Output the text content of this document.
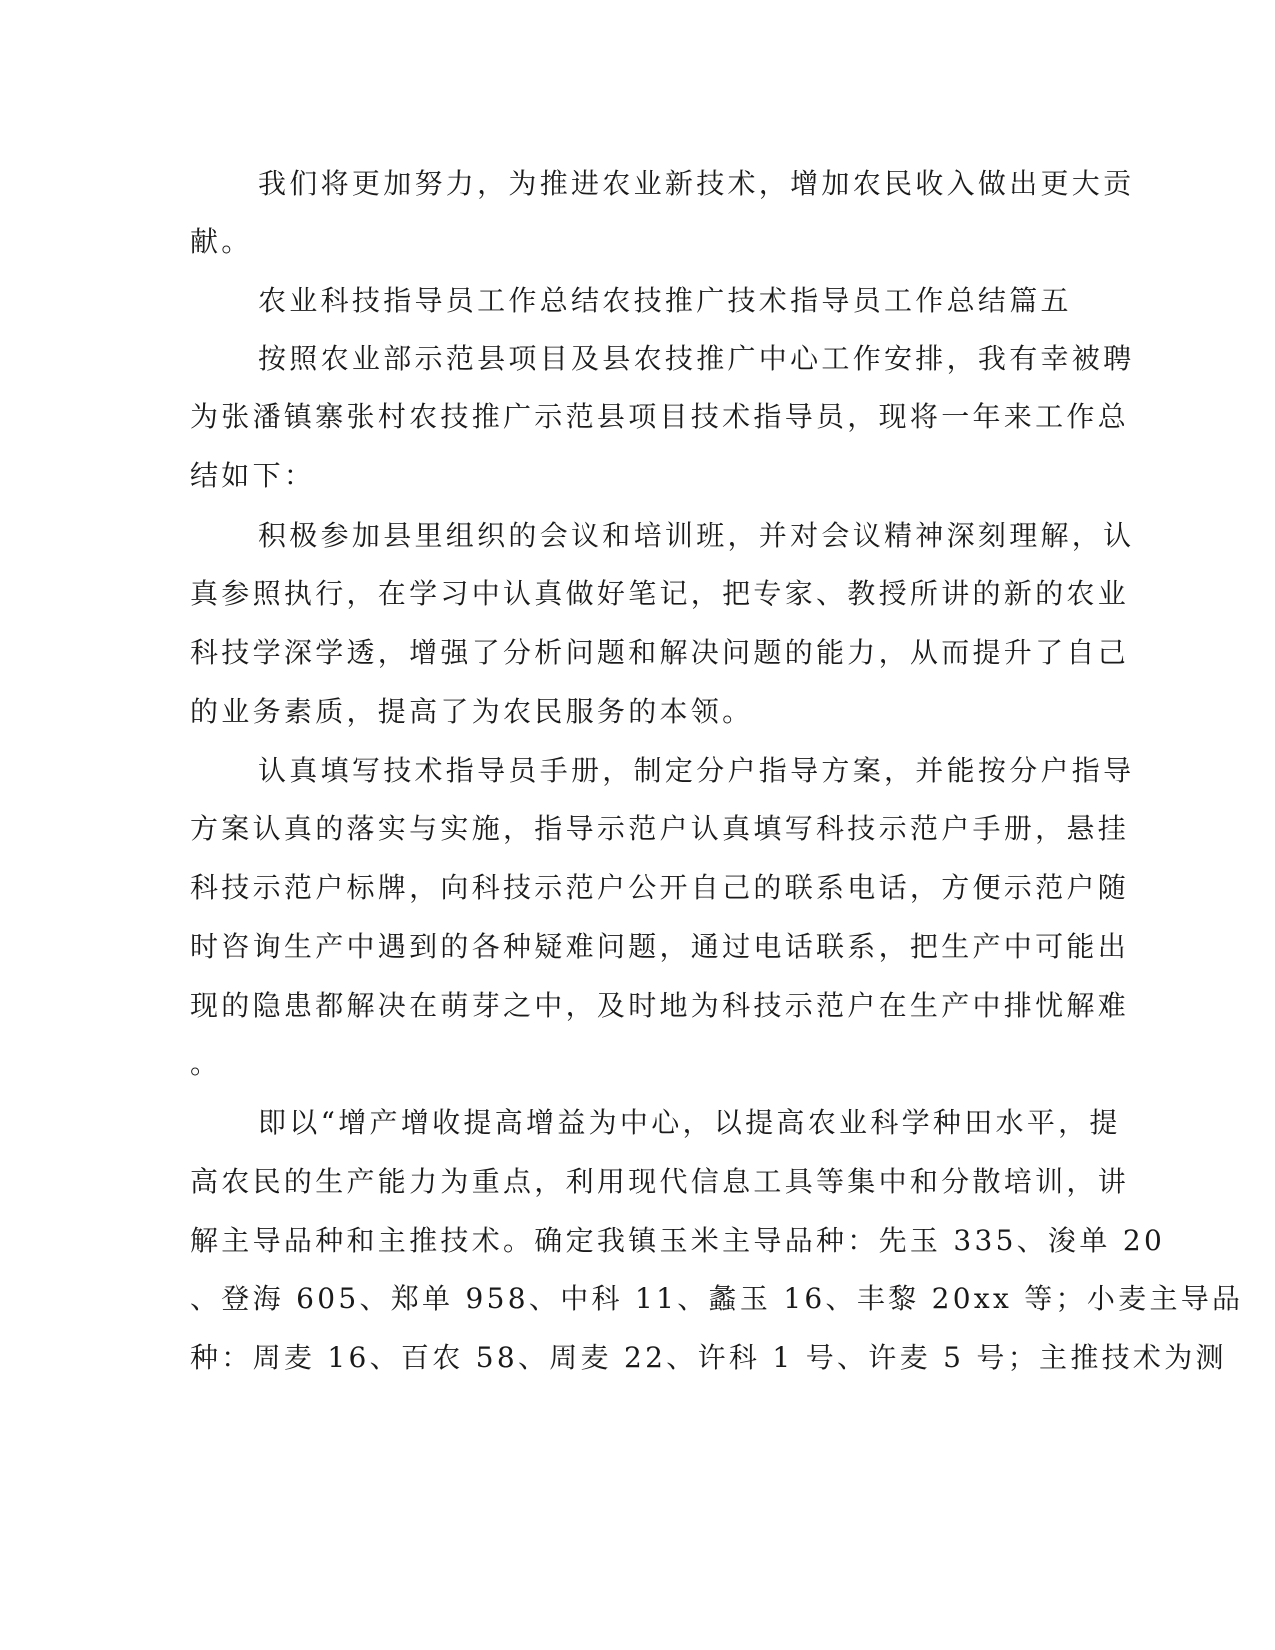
我们将更加努力，为推进农业新技术，增加农民收入做出更大贡
献。
农业科技指导员工作总结农技推广技术指导员工作总结篇五
按照农业部示范县项目及县农技推广中心工作安排，我有幸被聘
为张潘镇寨张村农技推广示范县项目技术指导员，现将一年来工作总
结如下：
积极参加县里组织的会议和培训班，并对会议精神深刻理解，认
真参照执行，在学习中认真做好笔记，把专家、教授所讲的新的农业
科技学深学透，增强了分析问题和解决问题的能力，从而提升了自己
的业务素质，提高了为农民服务的本领。
认真填写技术指导员手册，制定分户指导方案，并能按分户指导
方案认真的落实与实施，指导示范户认真填写科技示范户手册，悬挂
科技示范户标牌，向科技示范户公开自己的联系电话，方便示范户随
时咨询生产中遇到的各种疑难问题，通过电话联系，把生产中可能出
现的隐患都解决在萌芽之中，及时地为科技示范户在生产中排忧解难
。
即以“增产增收提高增益为中心，以提高农业科学种田水平，提
高农民的生产能力为重点，利用现代信息工具等集中和分散培训，讲
解主导品种和主推技术。确定我镇玉米主导品种：先玉 335、浚单 20
、登海 605、郑单 958、中科 11、蠡玉 16、丰黎 20xx 等；小麦主导品
种：周麦 16、百农 58、周麦 22、许科 1 号、许麦 5 号；主推技术为测
